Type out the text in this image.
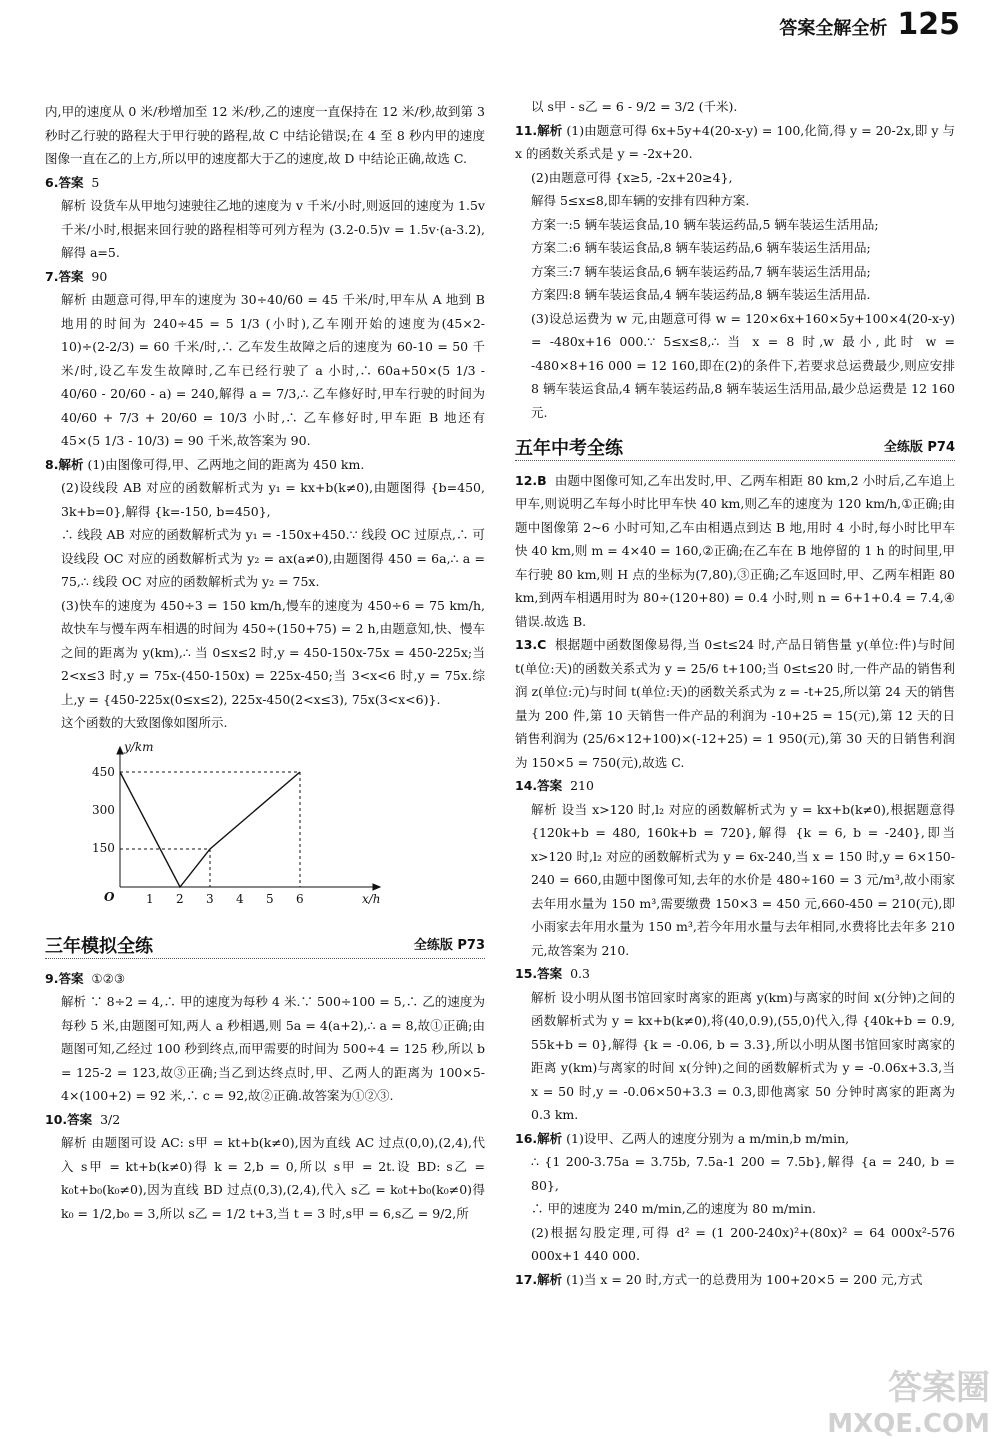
答案全解全析 125

内,甲的速度从 0 米/秒增加至 12 米/秒,乙的速度一直保持在 12 米/秒,故到第 3 秒时乙行驶的路程大于甲行驶的路程,故 C 中结论错误;在 4 至 8 秒内甲的速度图像一直在乙的上方,所以甲的速度都大于乙的速度,故 D 中结论正确,故选 C.

6.答案 5

解析 设货车从甲地匀速驶往乙地的速度为 v 千米/小时,则返回的速度为 1.5v 千米/小时,根据来回行驶的路程相等可列方程为 (3.2-0.5)v = 1.5v·(a-3.2),解得 a=5.

7.答案 90

解析 由题意可得,甲车的速度为 30÷40/60 = 45 千米/时,甲车从 A 地到 B 地用的时间为 240÷45 = 5 1/3 (小时),乙车刚开始的速度为(45×2-10)÷(2-2/3) = 60 千米/时,∴ 乙车发生故障之后的速度为 60-10 = 50 千米/时,设乙车发生故障时,乙车已经行驶了 a 小时,∴ 60a+50×(5 1/3 - 40/60 - 20/60 - a) = 240,解得 a = 7/3,∴ 乙车修好时,甲车行驶的时间为 40/60 + 7/3 + 20/60 = 10/3 小时,∴ 乙车修好时,甲车距 B 地还有 45×(5 1/3 - 10/3) = 90 千米,故答案为 90.

8.解析 (1)由图像可得,甲、乙两地之间的距离为 450 km.

(2)设线段 AB 对应的函数解析式为 y₁ = kx+b(k≠0),由题图得 {b=450, 3k+b=0},解得 {k=-150, b=450},

∴ 线段 AB 对应的函数解析式为 y₁ = -150x+450.∵ 线段 OC 过原点,∴ 可设线段 OC 对应的函数解析式为 y₂ = ax(a≠0),由题图得 450 = 6a,∴ a = 75,∴ 线段 OC 对应的函数解析式为 y₂ = 75x.

(3)快车的速度为 450÷3 = 150 km/h,慢车的速度为 450÷6 = 75 km/h,故快车与慢车两车相遇的时间为 450÷(150+75) = 2 h,由题意知,快、慢车之间的距离为 y(km),∴ 当 0≤x≤2 时,y = 450-150x-75x = 450-225x;当 2<x≤3 时,y = 75x-(450-150x) = 225x-450;当 3<x<6 时,y = 75x.综上,y = {450-225x(0≤x≤2), 225x-450(2<x≤3), 75x(3<x<6)}.

这个函数的大致图像如图所示.

y/km
x/h
O
450
300
150
1 2 3 4 5 6
三年模拟全练	全练版 P73

9.答案 ①②③

解析 ∵ 8÷2 = 4,∴ 甲的速度为每秒 4 米.∵ 500÷100 = 5,∴ 乙的速度为每秒 5 米,由题图可知,两人 a 秒相遇,则 5a = 4(a+2),∴ a = 8,故①正确;由题图可知,乙经过 100 秒到终点,而甲需要的时间为 500÷4 = 125 秒,所以 b = 125-2 = 123,故③正确;当乙到达终点时,甲、乙两人的距离为 100×5-4×(100+2) = 92 米,∴ c = 92,故②正确.故答案为①②③.

10.答案 3/2

解析 由题图可设 AC: s甲 = kt+b(k≠0),因为直线 AC 过点(0,0),(2,4),代入 s甲 = kt+b(k≠0)得 k = 2,b = 0,所以 s甲 = 2t.设 BD: s乙 = k₀t+b₀(k₀≠0),因为直线 BD 过点(0,3),(2,4),代入 s乙 = k₀t+b₀(k₀≠0)得 k₀ = 1/2,b₀ = 3,所以 s乙 = 1/2 t+3,当 t = 3 时,s甲 = 6,s乙 = 9/2,所

以 s甲 - s乙 = 6 - 9/2 = 3/2 (千米).

11.解析 (1)由题意可得 6x+5y+4(20-x-y) = 100,化简,得 y = 20-2x,即 y 与 x 的函数关系式是 y = -2x+20.

(2)由题意可得 {x≥5, -2x+20≥4},

解得 5≤x≤8,即车辆的安排有四种方案.

方案一:5 辆车装运食品,10 辆车装运药品,5 辆车装运生活用品;

方案二:6 辆车装运食品,8 辆车装运药品,6 辆车装运生活用品;

方案三:7 辆车装运食品,6 辆车装运药品,7 辆车装运生活用品;

方案四:8 辆车装运食品,4 辆车装运药品,8 辆车装运生活用品.

(3)设总运费为 w 元,由题意可得 w = 120×6x+160×5y+100×4(20-x-y) = -480x+16 000.∵ 5≤x≤8,∴ 当 x = 8 时,w 最小,此时 w = -480×8+16 000 = 12 160,即在(2)的条件下,若要求总运费最少,则应安排 8 辆车装运食品,4 辆车装运药品,8 辆车装运生活用品,最少总运费是 12 160 元.

五年中考全练	全练版 P74

12.B 由题中图像可知,乙车出发时,甲、乙两车相距 80 km,2 小时后,乙车追上甲车,则说明乙车每小时比甲车快 40 km,则乙车的速度为 120 km/h,①正确;由题中图像第 2~6 小时可知,乙车由相遇点到达 B 地,用时 4 小时,每小时比甲车快 40 km,则 m = 4×40 = 160,②正确;在乙车在 B 地停留的 1 h 的时间里,甲车行驶 80 km,则 H 点的坐标为(7,80),③正确;乙车返回时,甲、乙两车相距 80 km,到两车相遇用时为 80÷(120+80) = 0.4 小时,则 n = 6+1+0.4 = 7.4,④错误.故选 B.

13.C 根据题中函数图像易得,当 0≤t≤24 时,产品日销售量 y(单位:件)与时间 t(单位:天)的函数关系式为 y = 25/6 t+100;当 0≤t≤20 时,一件产品的销售利润 z(单位:元)与时间 t(单位:天)的函数关系式为 z = -t+25,所以第 24 天的销售量为 200 件,第 10 天销售一件产品的利润为 -10+25 = 15(元),第 12 天的日销售利润为 (25/6×12+100)×(-12+25) = 1 950(元),第 30 天的日销售利润为 150×5 = 750(元),故选 C.

14.答案 210

解析 设当 x>120 时,l₂ 对应的函数解析式为 y = kx+b(k≠0),根据题意得 {120k+b = 480, 160k+b = 720},解得 {k = 6, b = -240},即当 x>120 时,l₂ 对应的函数解析式为 y = 6x-240,当 x = 150 时,y = 6×150-240 = 660,由题中图像可知,去年的水价是 480÷160 = 3 元/m³,故小雨家去年用水量为 150 m³,需要缴费 150×3 = 450 元,660-450 = 210(元),即小雨家去年用水量为 150 m³,若今年用水量与去年相同,水费将比去年多 210 元,故答案为 210.

15.答案 0.3

解析 设小明从图书馆回家时离家的距离 y(km)与离家的时间 x(分钟)之间的函数解析式为 y = kx+b(k≠0),将(40,0.9),(55,0)代入,得 {40k+b = 0.9, 55k+b = 0},解得 {k = -0.06, b = 3.3},所以小明从图书馆回家时离家的距离 y(km)与离家的时间 x(分钟)之间的函数解析式为 y = -0.06x+3.3,当 x = 50 时,y = -0.06×50+3.3 = 0.3,即他离家 50 分钟时离家的距离为 0.3 km.

16.解析 (1)设甲、乙两人的速度分别为 a m/min,b m/min,

∴ {1 200-3.75a = 3.75b, 7.5a-1 200 = 7.5b},解得 {a = 240, b = 80},

∴ 甲的速度为 240 m/min,乙的速度为 80 m/min.

(2)根据勾股定理,可得 d² = (1 200-240x)²+(80x)² = 64 000x²-576 000x+1 440 000.

17.解析 (1)当 x = 20 时,方式一的总费用为 100+20×5 = 200 元,方式

答案圈
MXQE.COM
